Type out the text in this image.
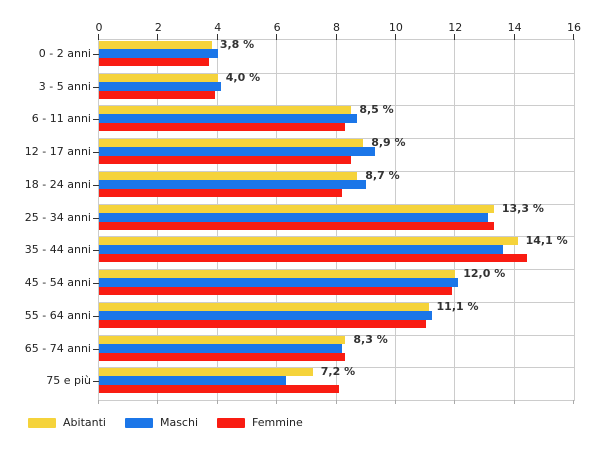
3,8 %
4,0 %
8,5 %
8,9 %
8,7 %
13,3 %
14,1 %
12,0 %
11,1 %
8,3 %
7,2 %
0	2	4	6	8	10	12	14	16
0 - 2 anni
3 - 5 anni
6 - 11 anni
12 - 17 anni
18 - 24 anni
25 - 34 anni
35 - 44 anni
45 - 54 anni
55 - 64 anni
65 - 74 anni
75 e più
Abitanti	Maschi	Femmine
